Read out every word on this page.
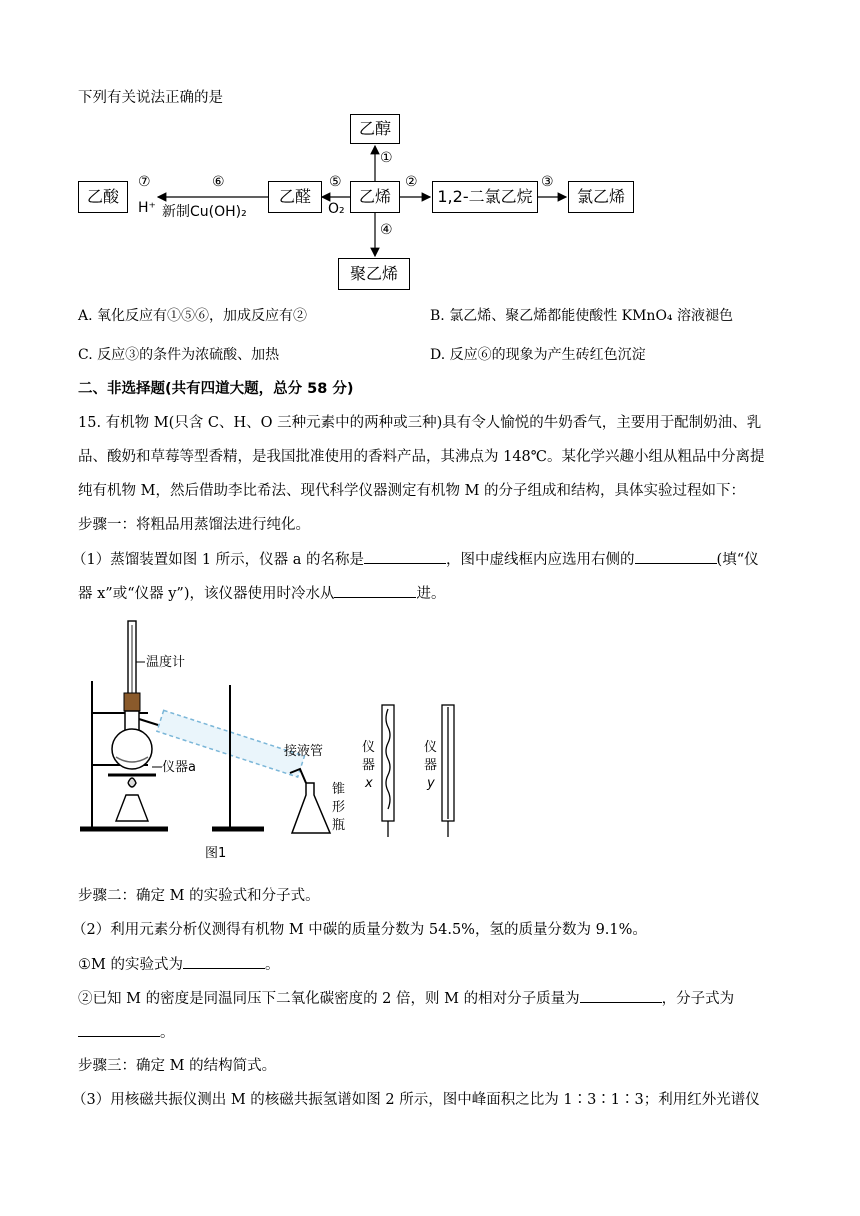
下列有关说法正确的是
乙醇
乙酸	乙醛	乙烯	1,2-二氯乙烷	氯乙烯
聚乙烯
①
②	③
④
⑤
⑥
⑦
H⁺ 新制Cu(OH)₂	O₂
A. 氧化反应有①⑤⑥，加成反应有②	B. 氯乙烯、聚乙烯都能使酸性 KMnO₄ 溶液褪色
C. 反应③的条件为浓硫酸、加热	D. 反应⑥的现象为产生砖红色沉淀
二、非选择题(共有四道大题，总分 58 分)
15. 有机物 M(只含 C、H、O 三种元素中的两种或三种)具有令人愉悦的牛奶香气，主要用于配制奶油、乳
品、酸奶和草莓等型香精，是我国批准使用的香料产品，其沸点为 148℃。某化学兴趣小组从粗品中分离提
纯有机物 M，然后借助李比希法、现代科学仪器测定有机物 M 的分子组成和结构，具体实验过程如下：
步骤一：将粗品用蒸馏法进行纯化。
（1）蒸馏装置如图 1 所示，仪器 a 的名称是	，图中虚线框内应选用右侧的	(填“仪
器 x”或“仪器 y”)，该仪器使用时冷水从	进。
温度计
仪器a
接液管
锥
形
瓶
仪
器
x
仪
器
y
图1
步骤二：确定 M 的实验式和分子式。
（2）利用元素分析仪测得有机物 M 中碳的质量分数为 54.5%，氢的质量分数为 9.1%。
①M 的实验式为	。
②已知 M 的密度是同温同压下二氧化碳密度的 2 倍，则 M 的相对分子质量为	，分子式为
。
步骤三：确定 M 的结构简式。
（3）用核磁共振仪测出 M 的核磁共振氢谱如图 2 所示，图中峰面积之比为 1∶3∶1∶3；利用红外光谱仪
